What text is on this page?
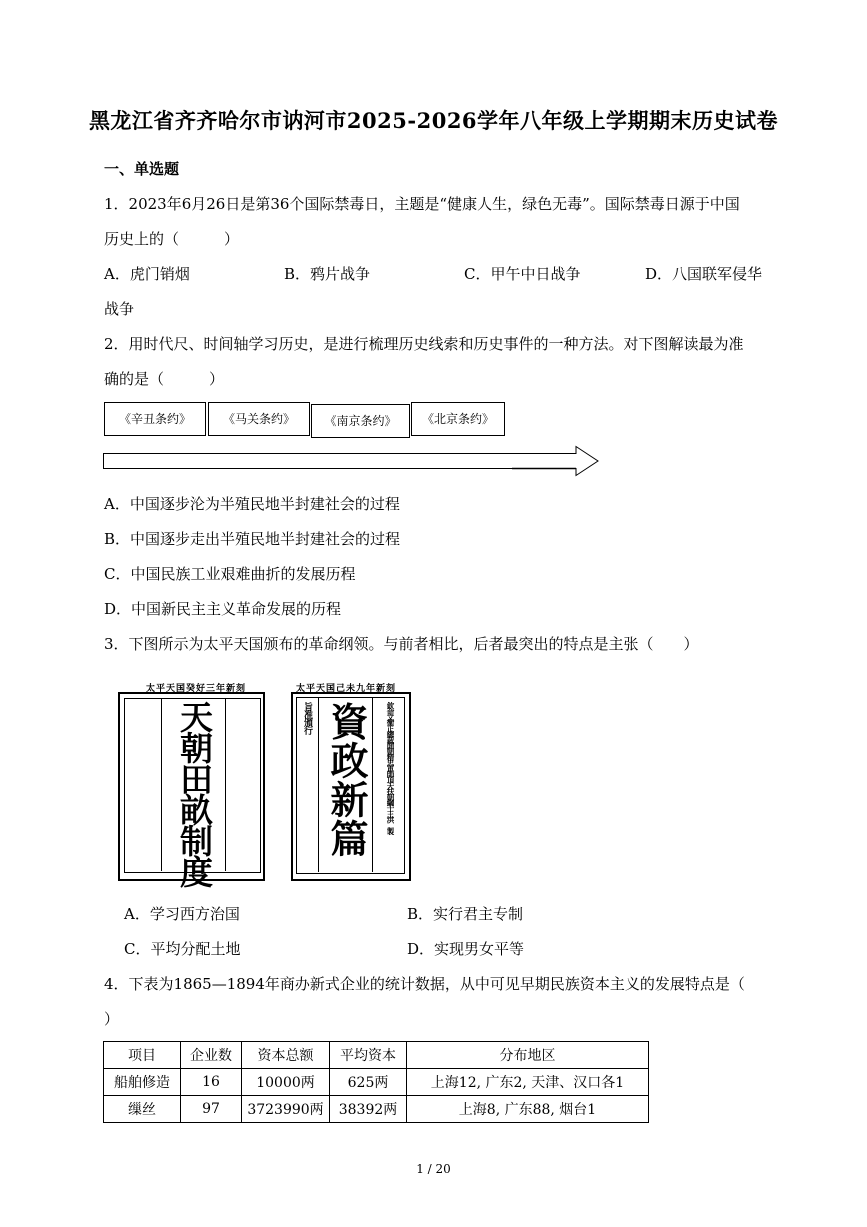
黑龙江省齐齐哈尔市讷河市2025-2026学年八年级上学期期末历史试卷
一、单选题
1．2023年6月26日是第36个国际禁毒日，主题是“健康人生，绿色无毒”。国际禁毒日源于中国
历史上的（　　　）
A．虎门销烟	B．鸦片战争	C．甲午中日战争	D．八国联军侵华
战争
2．用时代尺、时间轴学习历史，是进行梳理历史线索和历史事件的一种方法。对下图解读最为准
确的是（　　　）
《辛丑条约》	《马关条约》	《南京条约》	《北京条约》
A．中国逐步沦为半殖民地半封建社会的过程
B．中国逐步走出半殖民地半封建社会的过程
C．中国民族工业艰难曲折的发展历程
D．中国新民主主义革命发展的历程
3．下图所示为太平天国颁布的革命纲领。与前者相比，后者最突出的特点是主张（　　）
太平天国癸好三年新刻
天朝田畝制度
太平天国己未九年新刻
旨准頒行 資政新篇 欽命文衡正總裁開朝精忠軍師頂天扶朝綱干王洪　製
A．学习西方治国	B．实行君主专制
C．平均分配土地	D．实现男女平等
4．下表为1865—1894年商办新式企业的统计数据，从中可见早期民族资本主义的发展特点是（
）
项目	企业数	资本总额	平均资本	分布地区
船舶修造	16	10000两	625两	上海12, 广东2, 天津、汉口各1
缫丝	97	3723990两	38392两	上海8, 广东88, 烟台1
1 / 20
